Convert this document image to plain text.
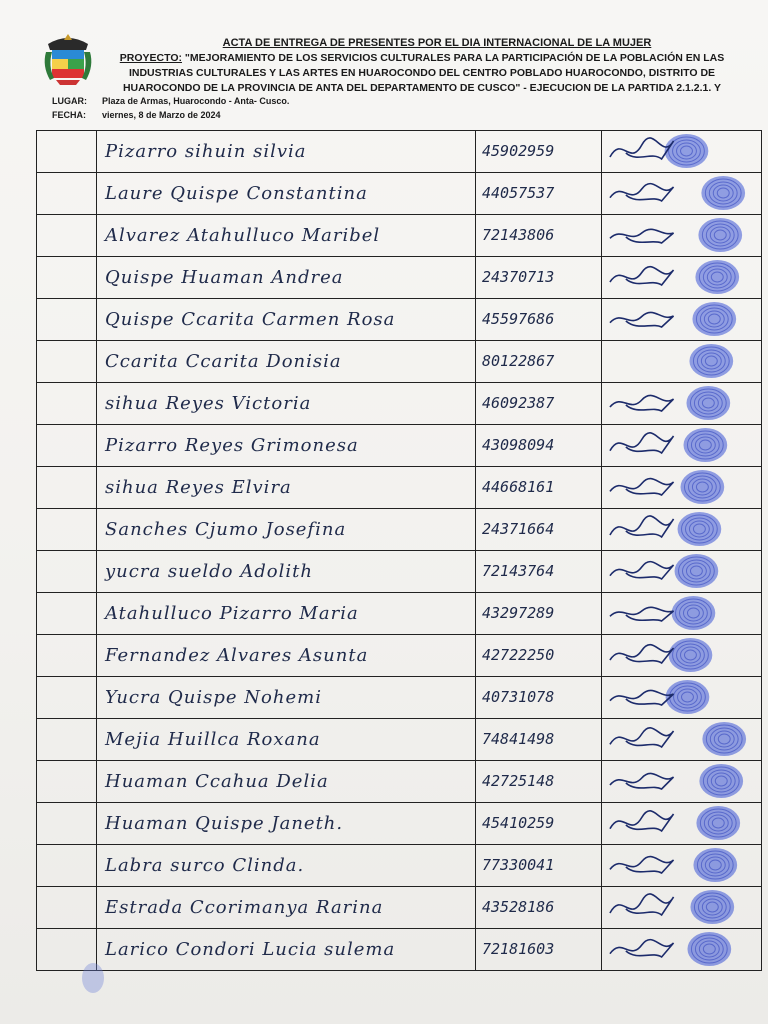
ACTA DE ENTREGA DE PRESENTES POR EL DIA INTERNACIONAL DE LA MUJER
PROYECTO: "MEJORAMIENTO DE LOS SERVICIOS CULTURALES PARA LA PARTICIPACIÓN DE LA POBLACIÓN EN LAS INDUSTRIAS CULTURALES Y LAS ARTES EN HUAROCONDO DEL CENTRO POBLADO HUAROCONDO, DISTRITO DE HUAROCONDO DE LA PROVINCIA DE ANTA DEL DEPARTAMENTO DE CUSCO" - EJECUCION DE LA PARTIDA 2.1.2.1. Y
LUGAR:	Plaza de Armas, Huarocondo - Anta- Cusco.
FECHA:	viernes, 8 de Marzo de 2024
	Pizarro sihuin silvia	45902959	

	Laure Quispe Constantina	44057537	

	Alvarez Atahulluco Maribel	72143806	

	Quispe Huaman Andrea	24370713	

	Quispe Ccarita Carmen Rosa	45597686	

	Ccarita Ccarita Donisia	80122867	

	sihua Reyes Victoria	46092387	

	Pizarro Reyes Grimonesa	43098094	

	sihua Reyes Elvira	44668161	

	Sanches Cjumo Josefina	24371664	

	yucra sueldo Adolith	72143764	

	Atahulluco Pizarro Maria	43297289	

	Fernandez Alvares Asunta	42722250	

	Yucra Quispe Nohemi	40731078	

	Mejia Huillca Roxana	74841498	

	Huaman Ccahua Delia	42725148	

	Huaman Quispe Janeth.	45410259	

	Labra surco Clinda.	77330041	

	Estrada Ccorimanya Rarina	43528186	

	Larico Condori Lucia sulema	72181603	
